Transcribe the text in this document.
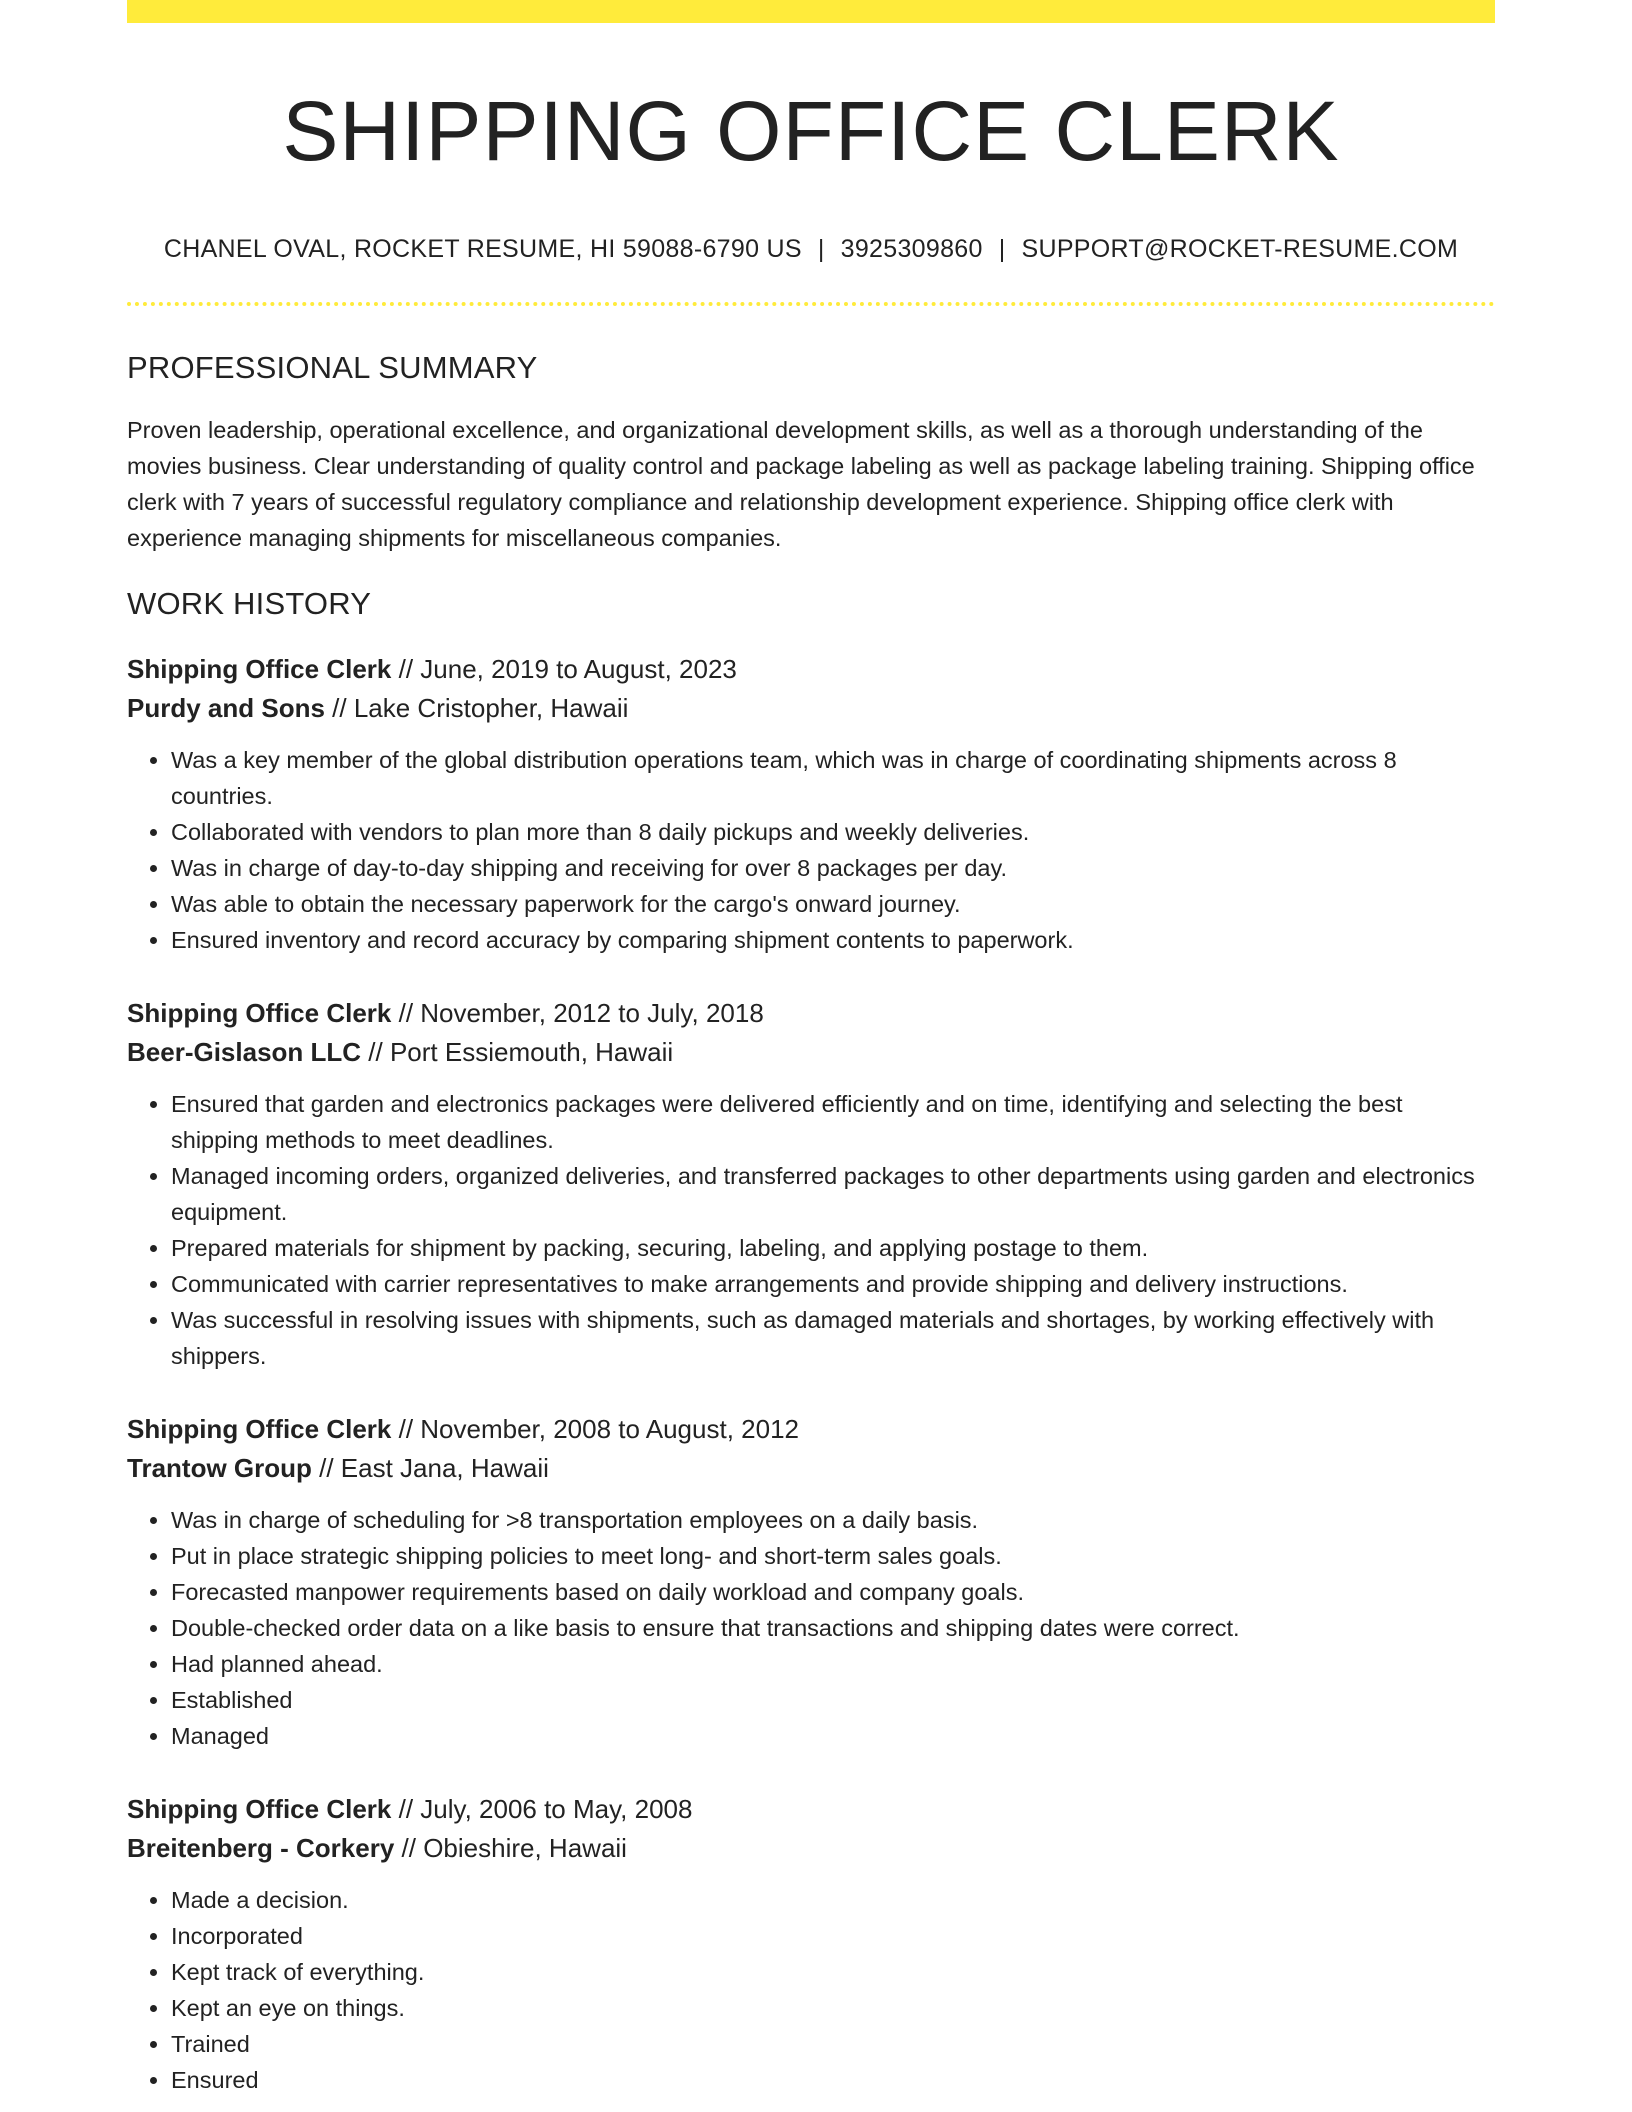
SHIPPING OFFICE CLERK
CHANEL OVAL, ROCKET RESUME, HI 59088-6790 US | 3925309860 | SUPPORT@ROCKET-RESUME.COM
PROFESSIONAL SUMMARY
Proven leadership, operational excellence, and organizational development skills, as well as a thorough understanding of the movies business. Clear understanding of quality control and package labeling as well as package labeling training. Shipping office clerk with 7 years of successful regulatory compliance and relationship development experience. Shipping office clerk with experience managing shipments for miscellaneous companies.
WORK HISTORY
Shipping Office Clerk // June, 2019 to August, 2023
Purdy and Sons // Lake Cristopher, Hawaii
• Was a key member of the global distribution operations team, which was in charge of coordinating shipments across 8 countries.
• Collaborated with vendors to plan more than 8 daily pickups and weekly deliveries.
• Was in charge of day-to-day shipping and receiving for over 8 packages per day.
• Was able to obtain the necessary paperwork for the cargo's onward journey.
• Ensured inventory and record accuracy by comparing shipment contents to paperwork.
Shipping Office Clerk // November, 2012 to July, 2018
Beer-Gislason LLC // Port Essiemouth, Hawaii
• Ensured that garden and electronics packages were delivered efficiently and on time, identifying and selecting the best shipping methods to meet deadlines.
• Managed incoming orders, organized deliveries, and transferred packages to other departments using garden and electronics equipment.
• Prepared materials for shipment by packing, securing, labeling, and applying postage to them.
• Communicated with carrier representatives to make arrangements and provide shipping and delivery instructions.
• Was successful in resolving issues with shipments, such as damaged materials and shortages, by working effectively with shippers.
Shipping Office Clerk // November, 2008 to August, 2012
Trantow Group // East Jana, Hawaii
• Was in charge of scheduling for >8 transportation employees on a daily basis.
• Put in place strategic shipping policies to meet long- and short-term sales goals.
• Forecasted manpower requirements based on daily workload and company goals.
• Double-checked order data on a like basis to ensure that transactions and shipping dates were correct.
• Had planned ahead.
• Established
• Managed
Shipping Office Clerk // July, 2006 to May, 2008
Breitenberg - Corkery // Obieshire, Hawaii
• Made a decision.
• Incorporated
• Kept track of everything.
• Kept an eye on things.
• Trained
• Ensured
